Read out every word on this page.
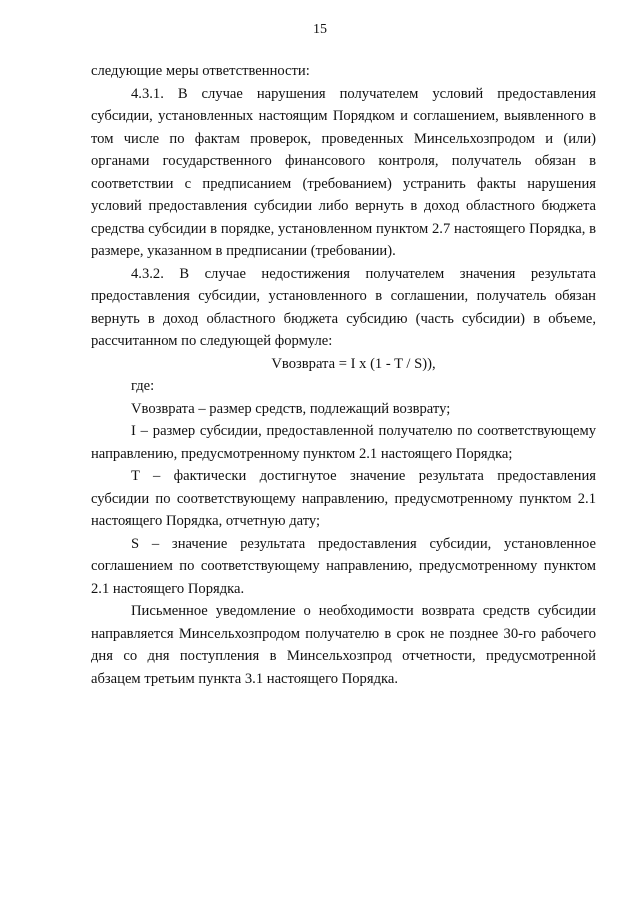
15

следующие меры ответственности:

4.3.1. В случае нарушения получателем условий предоставления субсидии, установленных настоящим Порядком и соглашением, выявленного в том числе по фактам проверок, проведенных Минсельхозпродом и (или) органами государственного финансового контроля, получатель обязан в соответствии с предписанием (требованием) устранить факты нарушения условий предоставления субсидии либо вернуть в доход областного бюджета средства субсидии в порядке, установленном пунктом 2.7 настоящего Порядка, в размере, указанном в предписании (требовании).

4.3.2. В случае недостижения получателем значения результата предоставления субсидии, установленного в соглашении, получатель обязан вернуть в доход областного бюджета субсидию (часть субсидии) в объеме, рассчитанном по следующей формуле:

Vвозврата = I x (1 - T / S)),

где:

Vвозврата – размер средств, подлежащий возврату;

I – размер субсидии, предоставленной получателю по соответствующему направлению, предусмотренному пунктом 2.1 настоящего Порядка;

T – фактически достигнутое значение результата предоставления субсидии по соответствующему направлению, предусмотренному пунктом 2.1 настоящего Порядка, отчетную дату;

S – значение результата предоставления субсидии, установленное соглашением по соответствующему направлению, предусмотренному пунктом 2.1 настоящего Порядка.

Письменное уведомление о необходимости возврата средств субсидии направляется Минсельхозпродом получателю в срок не позднее 30-го рабочего дня со дня поступления в Минсельхозпрод отчетности, предусмотренной абзацем третьим пункта 3.1 настоящего Порядка.
